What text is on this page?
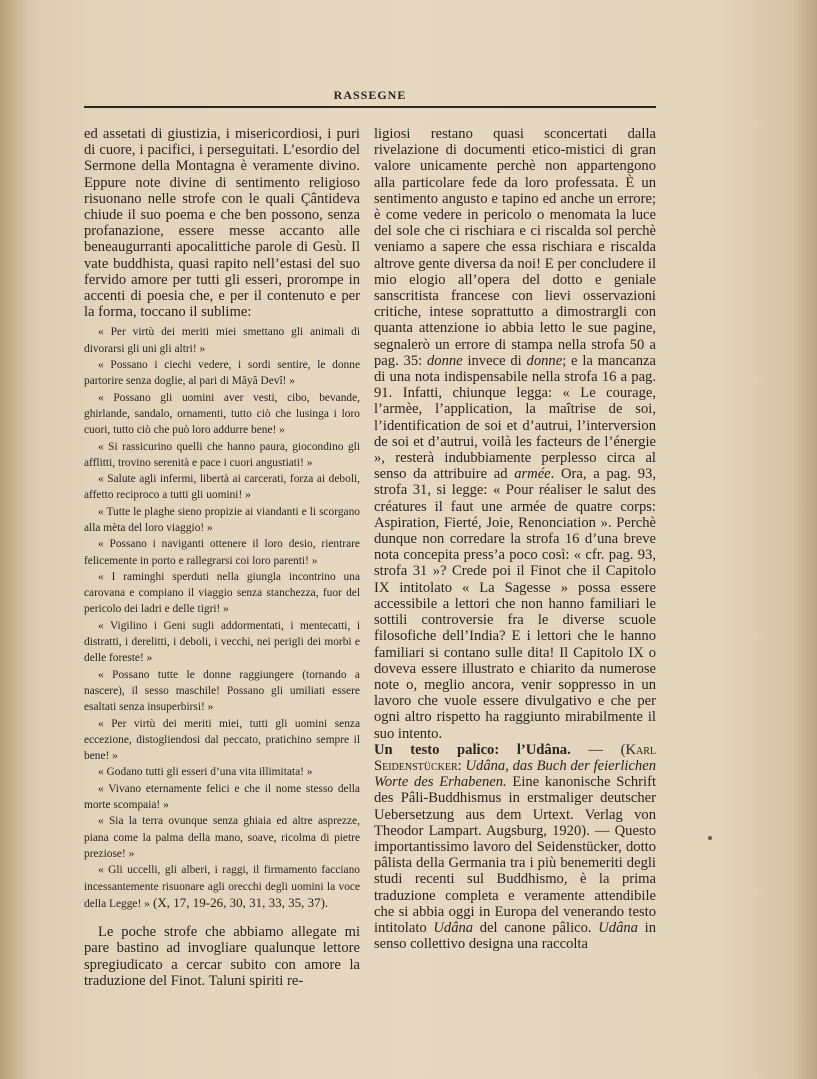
RASSEGNE

ed assetati di giustizia, i misericordiosi, i puri di cuore, i pacifici, i perseguitati. L’esordio del Sermone della Montagna è veramente divino. Eppure note divine di sentimento religioso risuonano nelle strofe con le quali Çântideva chiude il suo poema e che ben possono, senza profanazione, essere messe accanto alle beneaugurranti apocalittiche parole di Gesù. Il vate buddhista, quasi rapito nell’estasi del suo fervido amore per tutti gli esseri, prorompe in accenti di poesia che, e per il contenuto e per la forma, toccano il sublime:

« Per virtù dei meriti miei smettano gli animali di divorarsi gli uni gli altri! »

« Possano i ciechi vedere, i sordi sentire, le donne partorire senza doglie, al pari di Mâyâ Devî! »

« Possano gli uomini aver vesti, cibo, bevande, ghirlande, sandalo, ornamenti, tutto ciò che lusinga i loro cuori, tutto ciò che può loro addurre bene! »

« Si rassicurino quelli che hanno paura, giocondino gli afflitti, trovino serenità e pace i cuori angustiati! »

« Salute agli infermi, libertà ai carcerati, forza ai deboli, affetto reciproco a tutti gli uomini! »

« Tutte le plaghe sieno propizie ai viandanti e li scorgano alla mèta del loro viaggio! »

« Possano i naviganti ottenere il loro desio, rientrare felicemente in porto e rallegrarsi coi loro parenti! »

« I raminghi sperduti nella giungla incontrino una carovana e compiano il viaggio senza stanchezza, fuor del pericolo dei ladri e delle tigri! »

« Vigilino i Geni sugli addormentati, i mentecatti, i distratti, i derelitti, i deboli, i vecchi, nei perigli dei morbi e delle foreste! »

« Possano tutte le donne raggiungere (tornando a nascere), il sesso maschile! Possano gli umiliati essere esaltati senza insuperbirsi! »

« Per virtù dei meriti miei, tutti gli uomini senza eccezione, distogliendosi dal peccato, pratichino sempre il bene! »

« Godano tutti gli esseri d’una vita illimitata! »

« Vivano eternamente felici e che il nome stesso della morte scompaia! »

« Sia la terra ovunque senza ghiaia ed altre asprezze, piana come la palma della mano, soave, ricolma di pietre preziose! »

« Gli uccelli, gli alberi, i raggi, il firmamento facciano incessantemente risuonare agli orecchi degli uomini la voce della Legge! » (X, 17, 19-26, 30, 31, 33, 35, 37).

Le poche strofe che abbiamo allegate mi pare bastino ad invogliare qualunque lettore spregiudicato a cercar subito con amore la traduzione del Finot. Taluni spiriti re-

ligiosi restano quasi sconcertati dalla rivelazione di documenti etico-mistici di gran valore unicamente perchè non appartengono alla particolare fede da loro professata. È un sentimento angusto e tapino ed anche un errore; è come vedere in pericolo o menomata la luce del sole che ci rischiara e ci riscalda sol perchè veniamo a sapere che essa rischiara e riscalda altrove gente diversa da noi! E per concludere il mio elogio all’opera del dotto e geniale sanscritista francese con lievi osservazioni critiche, intese soprattutto a dimostrargli con quanta attenzione io abbia letto le sue pagine, segnalerò un errore di stampa nella strofa 50 a pag. 35: donne invece di donne; e la mancanza di una nota indispensabile nella strofa 16 a pag. 91. Infatti, chiunque legga: « Le courage, l’armèe, l’application, la maîtrise de soi, l’identification de soi et d’autrui, l’interversion de soi et d’autrui, voilà les facteurs de l’énergie », resterà indubbiamente perplesso circa al senso da attribuire ad armée. Ora, a pag. 93, strofa 31, si legge: « Pour réaliser le salut des créatures il faut une armée de quatre corps: Aspiration, Fierté, Joie, Renonciation ». Perchè dunque non corredare la strofa 16 d’una breve nota concepita press’a poco così: « cfr. pag. 93, strofa 31 »? Crede poi il Finot che il Capitolo IX intitolato « La Sagesse » possa essere accessibile a lettori che non hanno familiari le sottili controversie fra le diverse scuole filosofiche dell’India? E i lettori che le hanno familiari si contano sulle dita! Il Capitolo IX o doveva essere illustrato e chiarito da numerose note o, meglio ancora, venir soppresso in un lavoro che vuole essere divulgativo e che per ogni altro rispetto ha raggiunto mirabilmente il suo intento.

Un testo palico: l’Udâna. — (Karl Seidenstücker: Udâna, das Buch der feierlichen Worte des Erhabenen. Eine kanonische Schrift des Pâli-Buddhismus in erstmaliger deutscher Uebersetzung aus dem Urtext. Verlag von Theodor Lampart. Augsburg, 1920). — Questo importantissimo lavoro del Seidenstücker, dotto pâlista della Germania tra i più benemeriti degli studi recenti sul Buddhismo, è la prima traduzione completa e veramente attendibile che si abbia oggi in Europa del venerando testo intitolato Udâna del canone pâlico. Udâna in senso collettivo designa una raccolta
